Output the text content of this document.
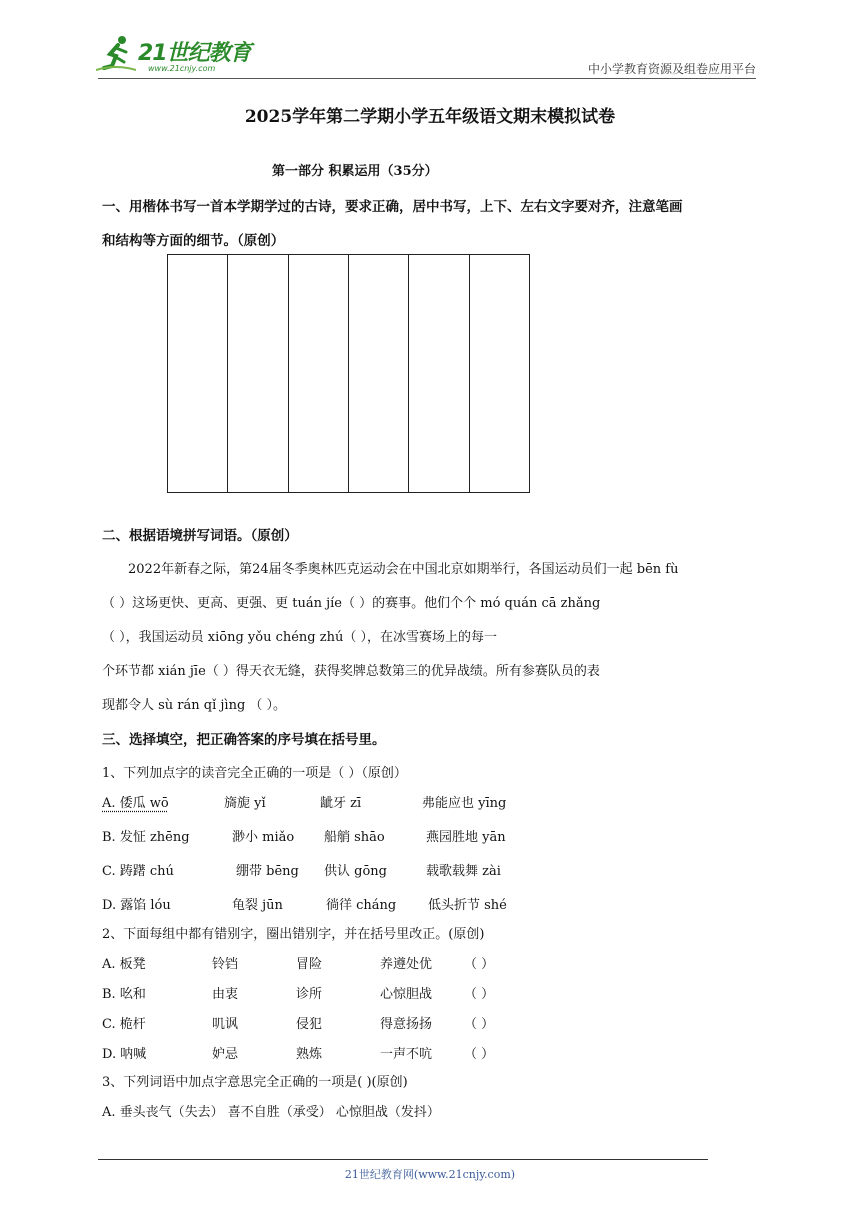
21世纪教育
www.21cnjy.com	中小学教育资源及组卷应用平台
2025学年第二学期小学五年级语文期末模拟试卷
第一部分 积累运用（35分）
一、用楷体书写一首本学期学过的古诗，要求正确，居中书写，上下、左右文字要对齐，注意笔画
和结构等方面的细节。（原创）
二、根据语境拼写词语。（原创）
　　2022年新春之际，第24届冬季奥林匹克运动会在中国北京如期举行，各国运动员们一起 bēn fù
（ ）这场更快、更高、更强、更 tuán jíe（ ）的赛事。他们个个 mó quán cā zhǎng
（ ），我国运动员 xiōng yǒu chéng zhú（ ），在冰雪赛场上的每一
个环节都 xián jīe（ ）得天衣无缝，获得奖牌总数第三的优异战绩。所有参赛队员的表
现都令人 sù rán qǐ jìng （ ）。
三、选择填空，把正确答案的序号填在括号里。
1、下列加点字的读音完全正确的一项是（ ）（原创）
A. 倭瓜 wō	旖旎 yǐ	龇牙 zī	弗能应也 yīng
B. 发怔 zhēng	渺小 miǎo 船艄 shāo	燕园胜地 yān
C. 踌躇 chú	绷带 bēng 供认 gōng	载歌载舞 zài
D. 露馅 lóu	龟裂 jūn	徜徉 cháng 低头折节 shé
2、下面每组中都有错别字，圈出错别字，并在括号里改正。(原创)
A. 板凳	铃铛	冒险	养遵处优 （ ）
B. 吆和	由衷	诊所	心惊胆战 （ ）
C. 桅杆	叽讽	侵犯	得意扬扬 （ ）
D. 呐喊	妒忌	熟炼	一声不吭 （ ）
3、下列词语中加点字意思完全正确的一项是( )(原创)
A. 垂头丧气（失去） 喜不自胜（承受） 心惊胆战（发抖）
21世纪教育网(www.21cnjy.com)
